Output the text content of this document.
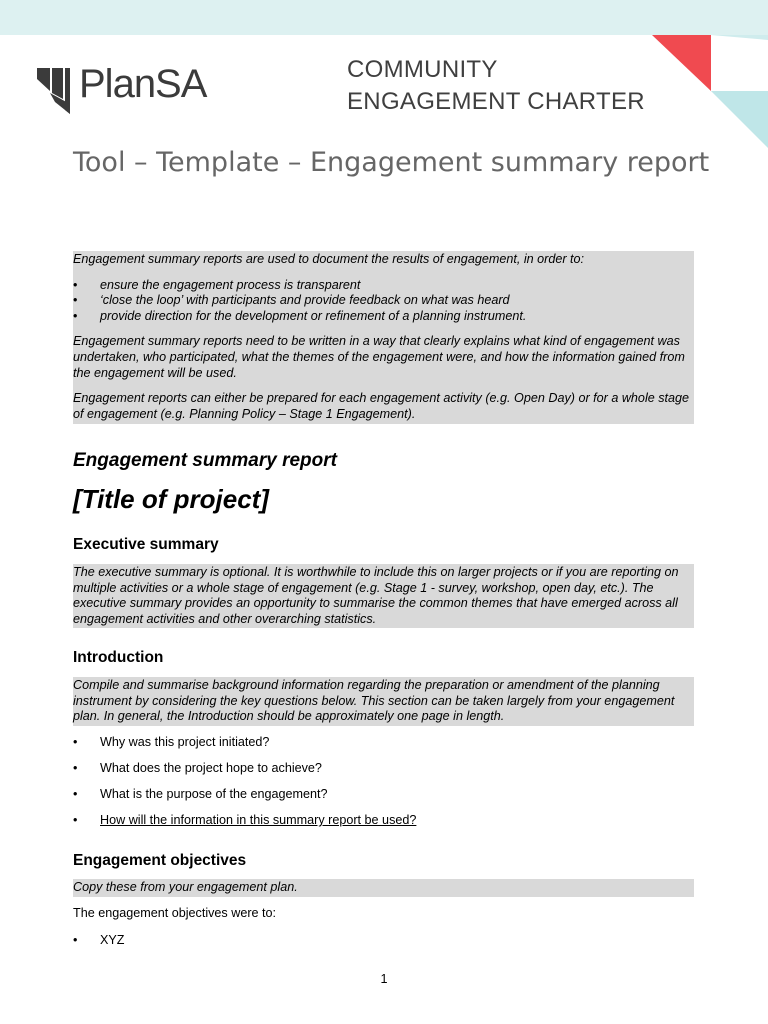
PlanSA	COMMUNITY
ENGAGEMENT CHARTER
Tool – Template – Engagement summary report

Engagement summary reports are used to document the results of engagement, in order to:

• ensure the engagement process is transparent
• ‘close the loop’ with participants and provide feedback on what was heard
• provide direction for the development or refinement of a planning instrument.

Engagement summary reports need to be written in a way that clearly explains what kind of engagement was undertaken, who participated, what the themes of the engagement were, and how the information gained from the engagement will be used.

Engagement reports can either be prepared for each engagement activity (e.g. Open Day) or for a whole stage of engagement (e.g. Planning Policy – Stage 1 Engagement).

Engagement summary report
[Title of project]
Executive summary

The executive summary is optional. It is worthwhile to include this on larger projects or if you are reporting on multiple activities or a whole stage of engagement (e.g. Stage 1 - survey, workshop, open day, etc.). The executive summary provides an opportunity to summarise the common themes that have emerged across all engagement activities and other overarching statistics.

Introduction

Compile and summarise background information regarding the preparation or amendment of the planning instrument by considering the key questions below. This section can be taken largely from your engagement plan. In general, the Introduction should be approximately one page in length.

• Why was this project initiated?
• What does the project hope to achieve?
• What is the purpose of the engagement?
• How will the information in this summary report be used?
Engagement objectives

Copy these from your engagement plan.

The engagement objectives were to:

• XYZ
1
